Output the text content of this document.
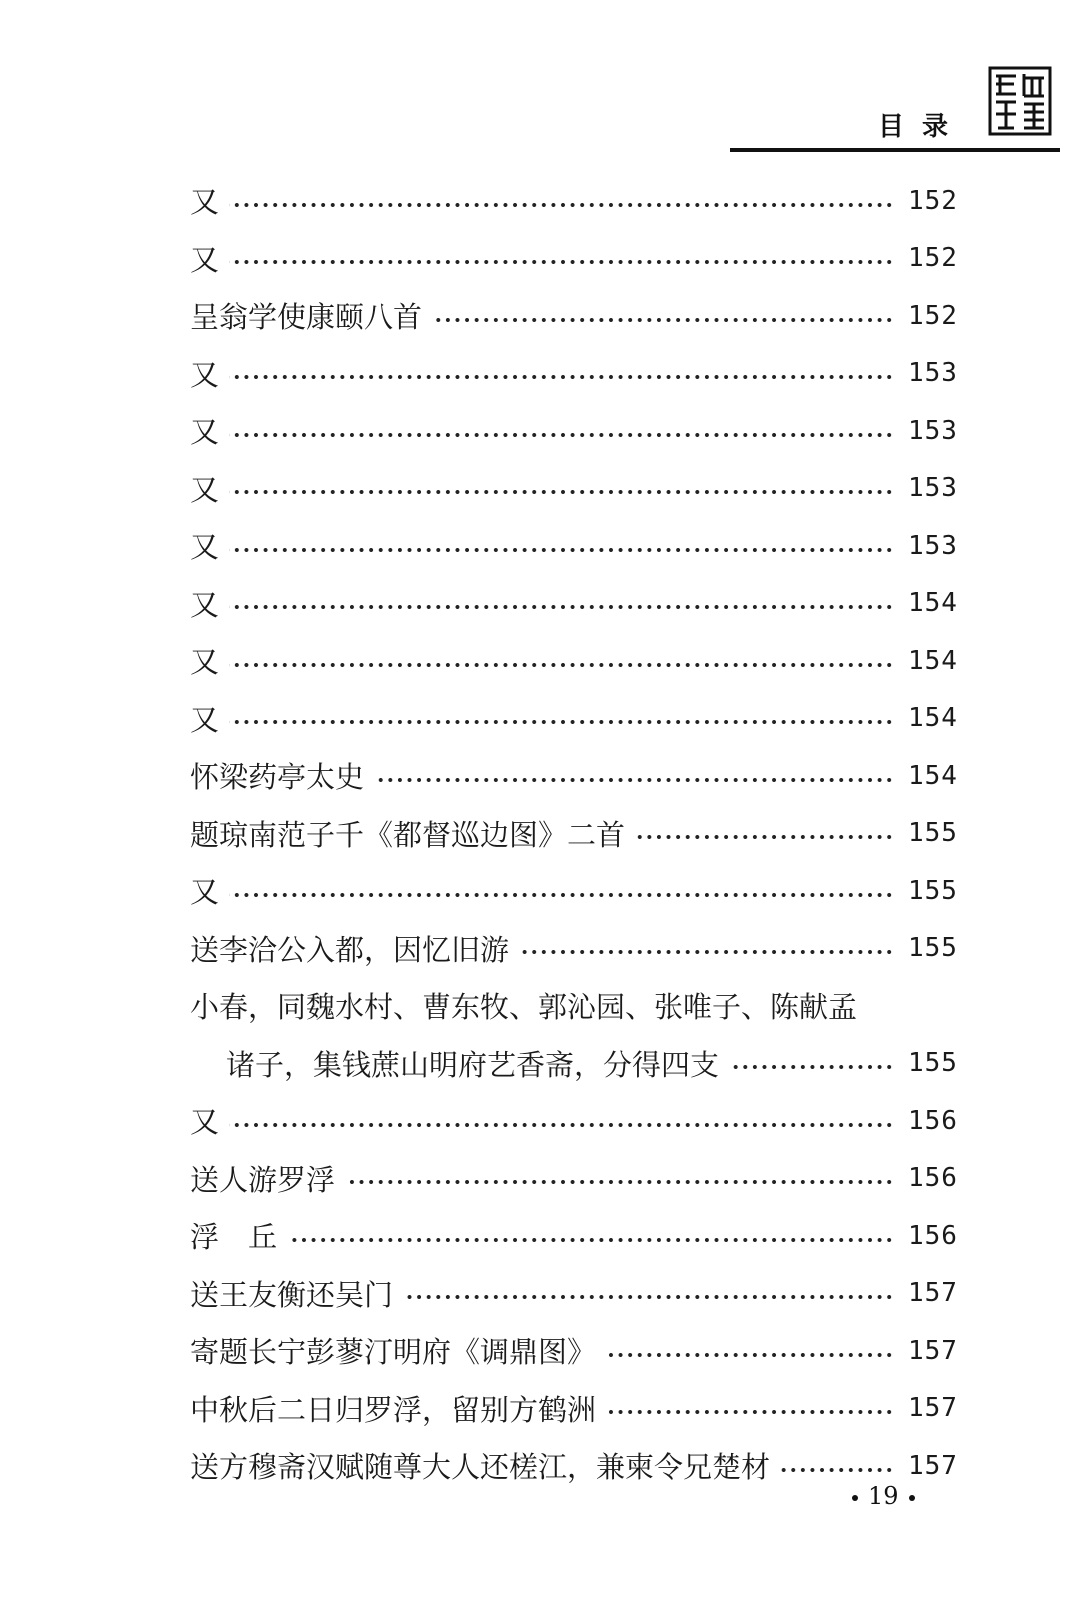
目录
又	152
又	152
呈翁学使康颐八首	152
又	153
又	153
又	153
又	153
又	154
又	154
又	154
怀梁药亭太史	154
题琼南范子千《都督巡边图》二首	155
又	155
送李洽公入都，因忆旧游	155
小春，同魏水村、曹东牧、郭沁园、张唯子、陈献孟
诸子，集钱蔗山明府艺香斋，分得四支	155
又	156
送人游罗浮	156
浮　丘	156
送王友衡还吴门	157
寄题长宁彭蓼汀明府《调鼎图》	157
中秋后二日归罗浮，留别方鹤洲	157
送方穆斋汉赋随尊大人还槎江，兼柬令兄楚材	157
19
